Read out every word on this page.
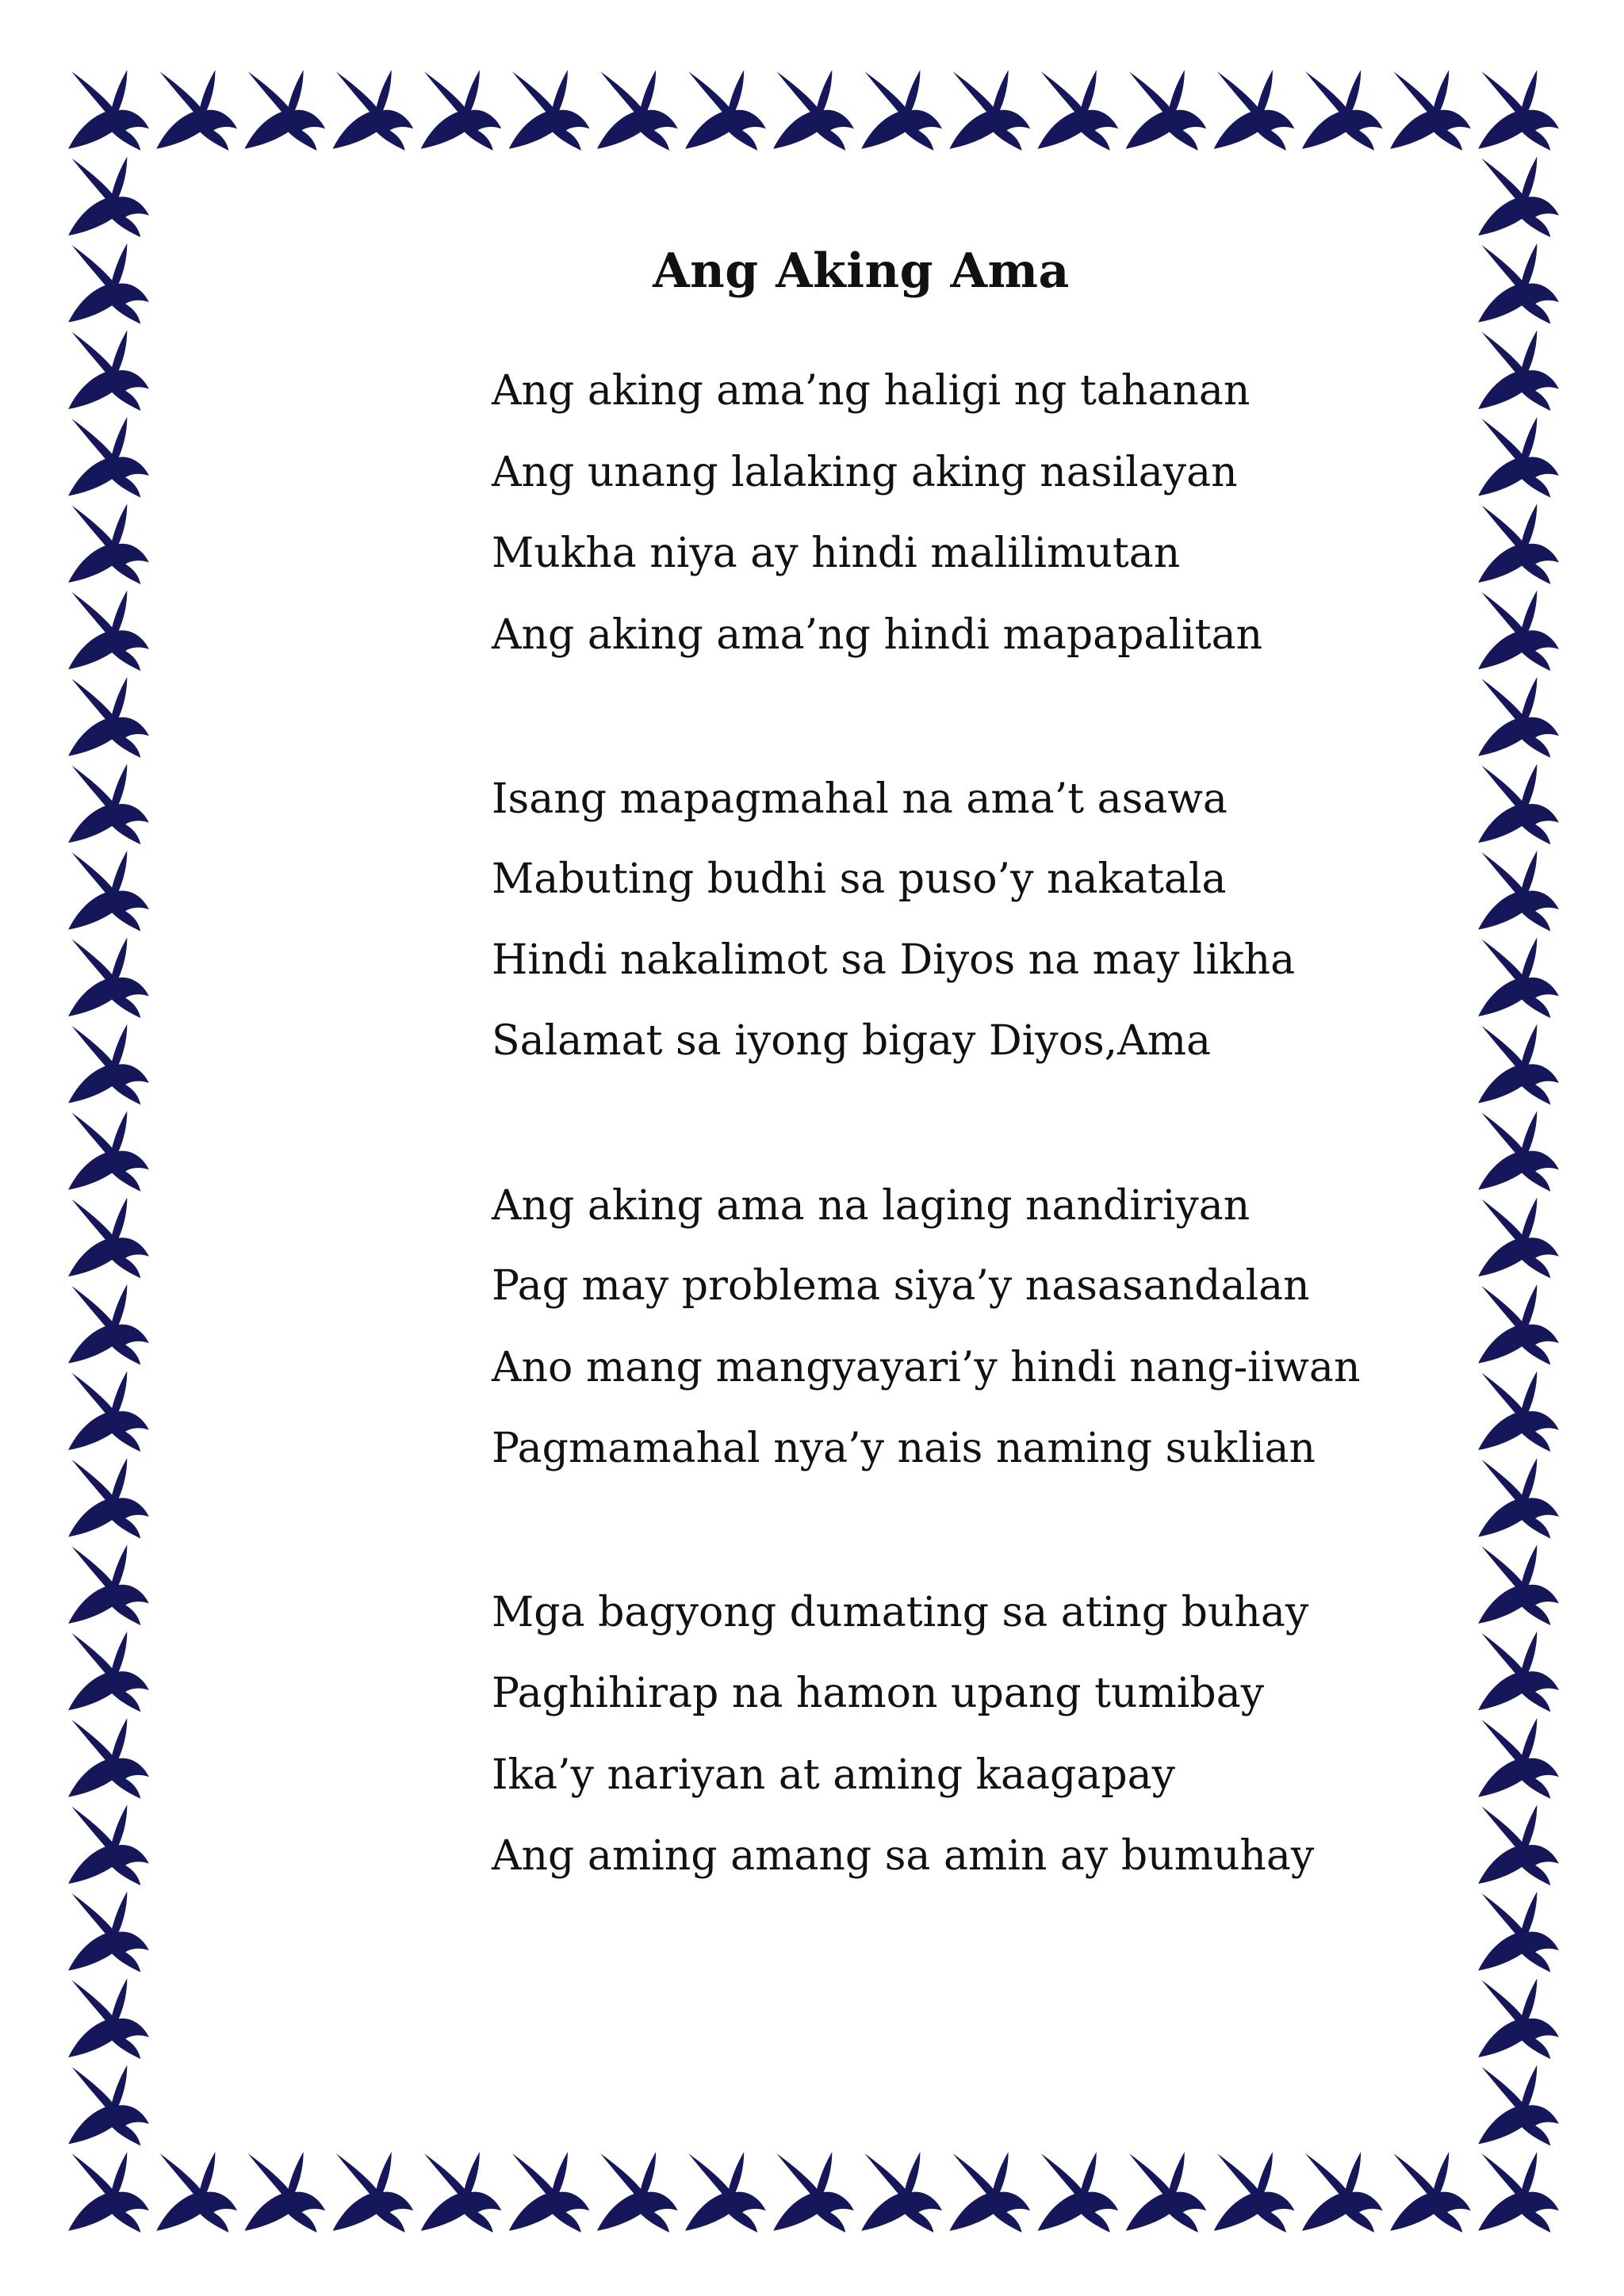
Ang Aking Ama

Ang aking ama’ng haligi ng tahanan

Ang unang lalaking aking nasilayan

Mukha niya ay hindi malilimutan

Ang aking ama’ng hindi mapapalitan

Isang mapagmahal na ama’t asawa

Mabuting budhi sa puso’y nakatala

Hindi nakalimot sa Diyos na may likha

Salamat sa iyong bigay Diyos,Ama

Ang aking ama na laging nandiriyan

Pag may problema siya’y nasasandalan

Ano mang mangyayari’y hindi nang-iiwan

Pagmamahal nya’y nais naming suklian

Mga bagyong dumating sa ating buhay

Paghihirap na hamon upang tumibay

Ika’y nariyan at aming kaagapay

Ang aming amang sa amin ay bumuhay
